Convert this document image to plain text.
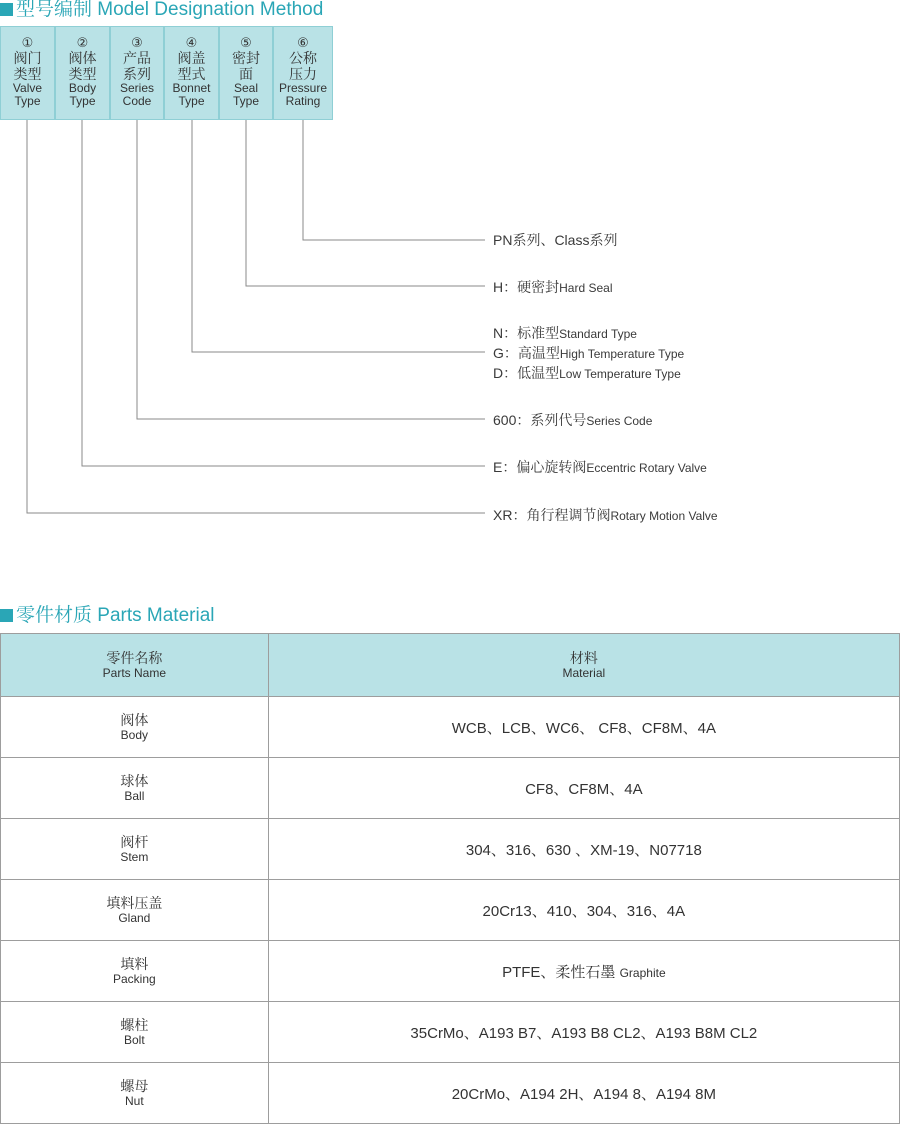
型号编制 Model Designation Method
①
阀门
类型
Valve
Type
②
阀体
类型
Body
Type
③
产品
系列
Series
Code
④
阀盖
型式
Bonnet
Type
⑤
密封
面
Seal
Type
⑥
公称
压力
Pressure
Rating
PN系列、Class系列
H：硬密封Hard Seal
N：标准型Standard Type
G：高温型High Temperature Type
D：低温型Low Temperature Type
600：系列代号Series Code
E：偏心旋转阀Eccentric Rotary Valve
XR：角行程调节阀Rotary Motion Valve
零件材质 Parts Material
零件名称
Parts Name	材料
Material

阀体
Body	WCB、LCB、WC6、 CF8、CF8M、4A

球体
Ball	CF8、CF8M、4A

阀杆
Stem	304、316、630 、XM-19、N07718

填料压盖
Gland	20Cr13、410、304、316、4A

填料
Packing	PTFE、柔性石墨 Graphite

螺柱
Bolt	35CrMo、A193 B7、A193 B8 CL2、A193 B8M CL2

螺母
Nut	20CrMo、A194 2H、A194 8、A194 8M
